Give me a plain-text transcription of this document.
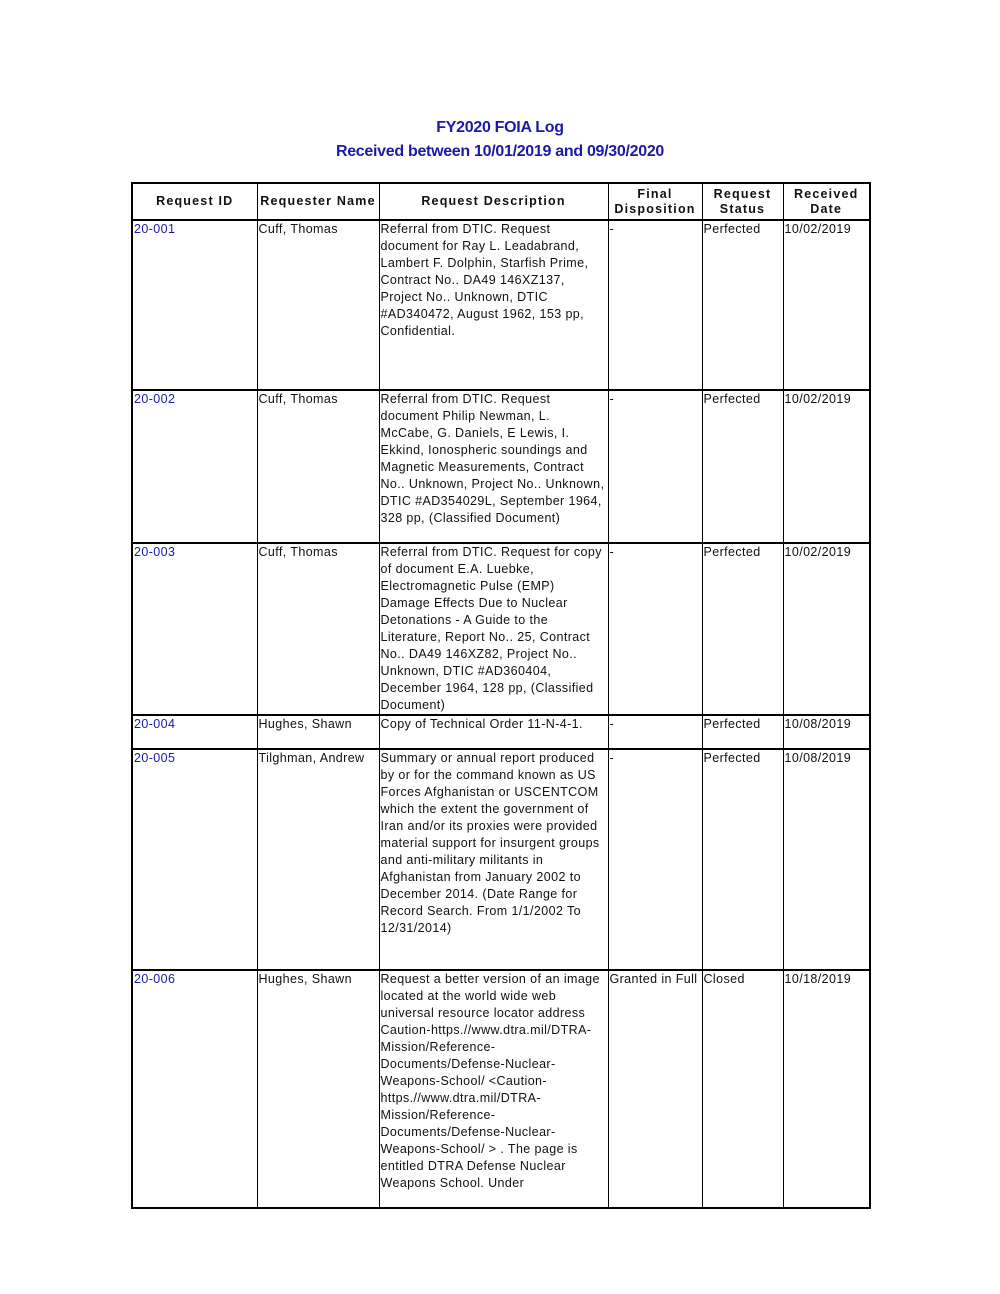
FY2020 FOIA Log
Received between 10/01/2019 and 09/30/2020
Request ID	Requester Name	Request Description	Final Disposition	Request Status	Received Date
20-001	Cuff, Thomas	Referral from DTIC. Request document for Ray L. Leadabrand, Lambert F. Dolphin, Starfish Prime, Contract No.. DA49 146XZ137, Project No.. Unknown, DTIC #AD340472, August 1962, 153 pp, Confidential.	-	Perfected	10/02/2019
20-002	Cuff, Thomas	Referral from DTIC. Request document Philip Newman, L. McCabe, G. Daniels, E Lewis, I. Ekkind, Ionospheric soundings and Magnetic Measurements, Contract No.. Unknown, Project No.. Unknown, DTIC #AD354029L, September 1964, 328 pp, (Classified Document)	-	Perfected	10/02/2019
20-003	Cuff, Thomas	Referral from DTIC. Request for copy of document E.A. Luebke, Electromagnetic Pulse (EMP) Damage Effects Due to Nuclear Detonations - A Guide to the Literature, Report No.. 25, Contract No.. DA49 146XZ82, Project No.. Unknown, DTIC #AD360404, December 1964, 128 pp, (Classified Document)	-	Perfected	10/02/2019
20-004	Hughes, Shawn	Copy of Technical Order 11-N-4-1.	-	Perfected	10/08/2019
20-005	Tilghman, Andrew	Summary or annual report produced by or for the command known as US Forces Afghanistan or USCENTCOM which the extent the government of Iran and/or its proxies were provided material support for insurgent groups and anti-military militants in Afghanistan from January 2002 to December 2014. (Date Range for Record Search. From 1/1/2002 To 12/31/2014)	-	Perfected	10/08/2019
20-006	Hughes, Shawn	Request a better version of an image located at the world wide web universal resource locator address Caution-https.//www.dtra.mil/DTRA-Mission/Reference-Documents/Defense-Nuclear-Weapons-School/ <Caution-https.//www.dtra.mil/DTRA-Mission/Reference-Documents/Defense-Nuclear-Weapons-School/ > . The page is entitled DTRA Defense Nuclear Weapons School. Under	Granted in Full	Closed	10/18/2019
